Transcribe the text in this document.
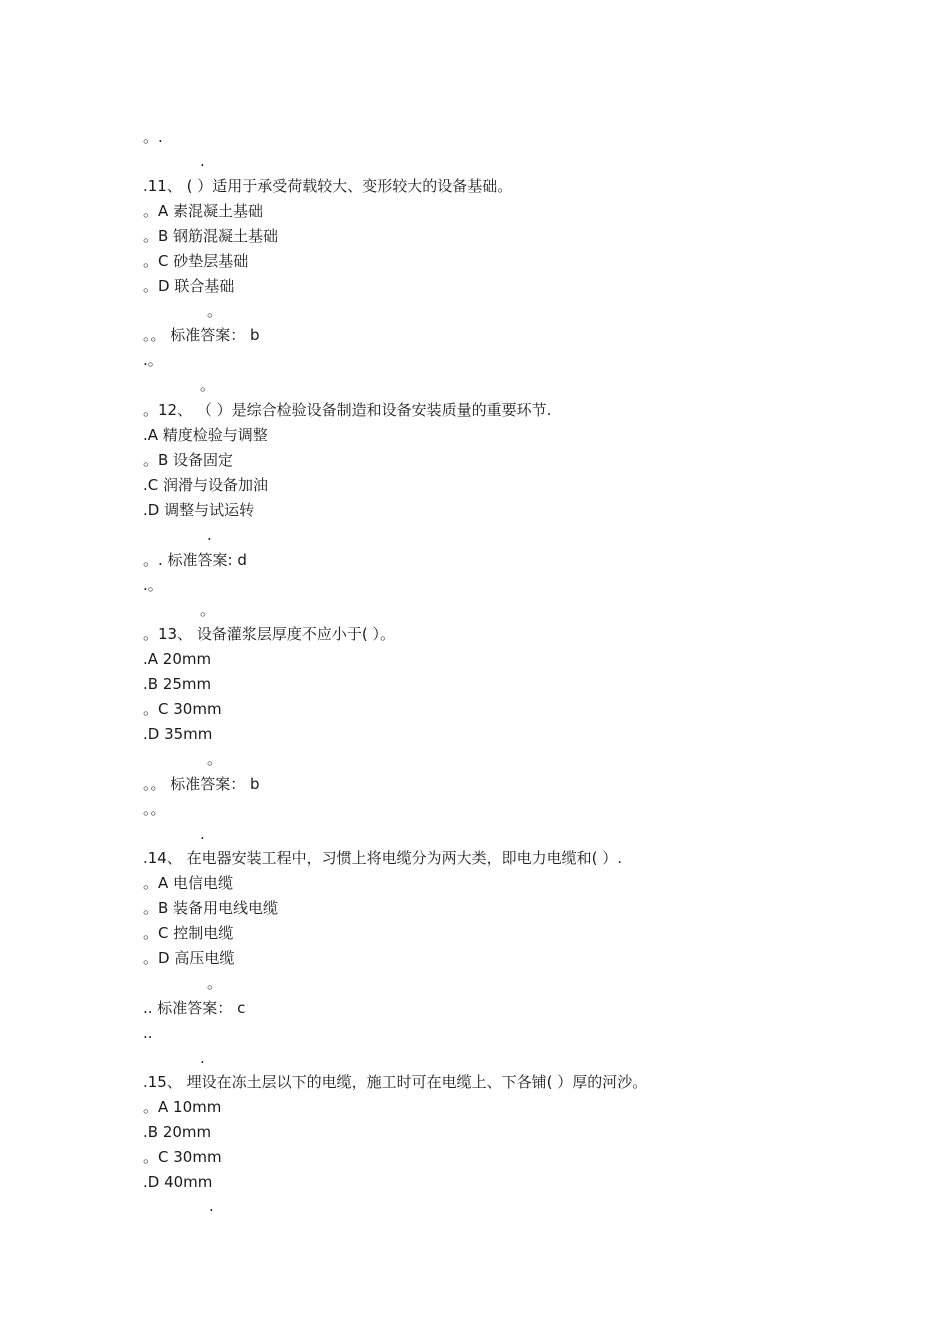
。.
.
.11、 ( ）适用于承受荷载较大、变形较大的设备基础。
。A 素混凝土基础
。B 钢筋混凝土基础
。C 砂垫层基础
。D 联合基础
。
。。 标准答案： b
.。
。
。12、 （ ）是综合检验设备制造和设备安装质量的重要环节.
.A 精度检验与调整
。B 设备固定
.C 润滑与设备加油
.D 调整与试运转
.
。. 标准答案: d
.。
。
。13、 设备灌浆层厚度不应小于( ）。
.A 20mm
.B 25mm
。C 30mm
.D 35mm
。
。。 标准答案： b
。。
.
.14、 在电器安装工程中，习惯上将电缆分为两大类，即电力电缆和( ）.
。A 电信电缆
。B 装备用电线电缆
。C 控制电缆
。D 高压电缆
。
.. 标准答案： c
..
.
.15、 埋设在冻土层以下的电缆，施工时可在电缆上、下各铺( ）厚的河沙。
。A 10mm
.B 20mm
。C 30mm
.D 40mm
.
